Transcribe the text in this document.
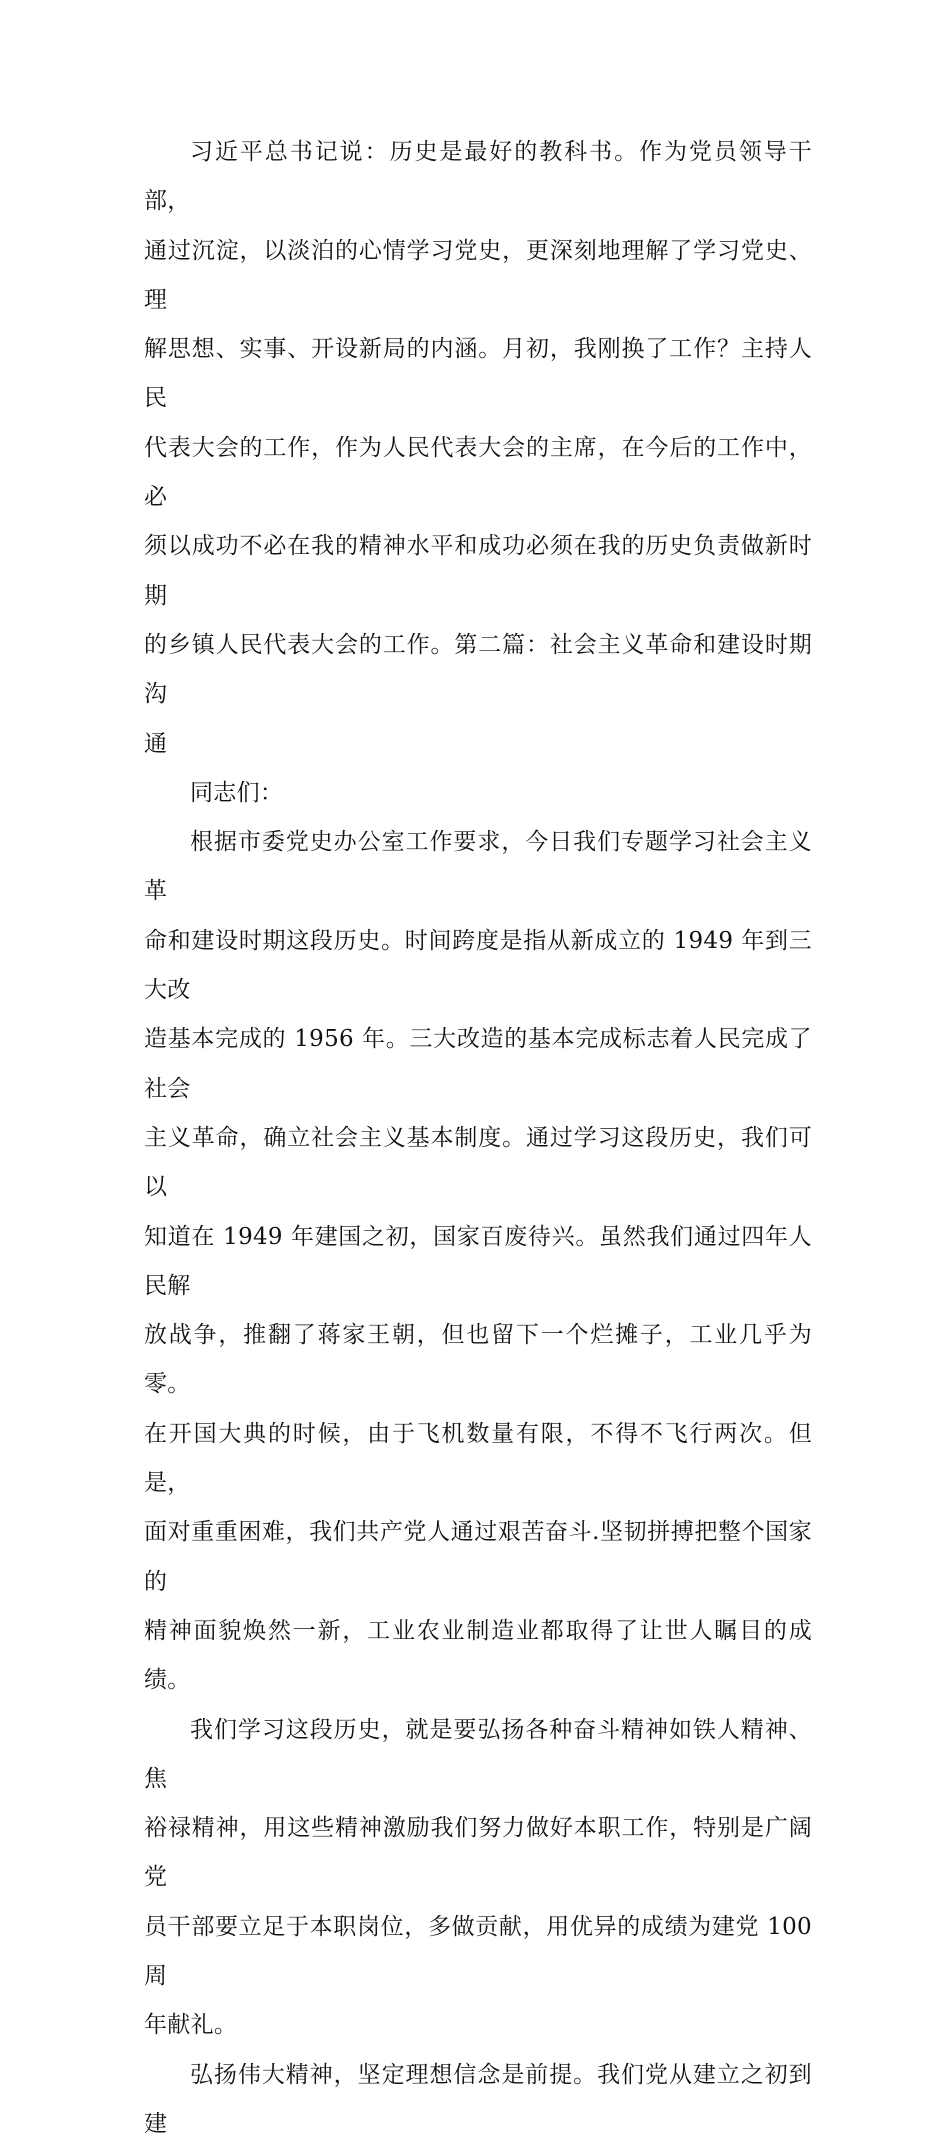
习近平总书记说：历史是最好的教科书。作为党员领导干部，
通过沉淀，以淡泊的心情学习党史，更深刻地理解了学习党史、理
解思想、实事、开设新局的内涵。月初，我刚换了工作？主持人民
代表大会的工作，作为人民代表大会的主席，在今后的工作中，必
须以成功不必在我的精神水平和成功必须在我的历史负责做新时期
的乡镇人民代表大会的工作。第二篇：社会主义革命和建设时期沟
通

同志们：

根据市委党史办公室工作要求，今日我们专题学习社会主义革
命和建设时期这段历史。时间跨度是指从新成立的 1949 年到三大改
造基本完成的 1956 年。三大改造的基本完成标志着人民完成了社会
主义革命，确立社会主义基本制度。通过学习这段历史，我们可以
知道在 1949 年建国之初，国家百废待兴。虽然我们通过四年人民解
放战争，推翻了蒋家王朝，但也留下一个烂摊子，工业几乎为零。
在开国大典的时候，由于飞机数量有限，不得不飞行两次。但是，
面对重重困难，我们共产党人通过艰苦奋斗.坚韧拼搏把整个国家的
精神面貌焕然一新，工业农业制造业都取得了让世人瞩目的成绩。

我们学习这段历史，就是要弘扬各种奋斗精神如铁人精神、焦
裕禄精神，用这些精神激励我们努力做好本职工作，特别是广阔党
员干部要立足于本职岗位，多做贡献，用优异的成绩为建党 100 周
年献礼。

弘扬伟大精神，坚定理想信念是前提。我们党从建立之初到建
